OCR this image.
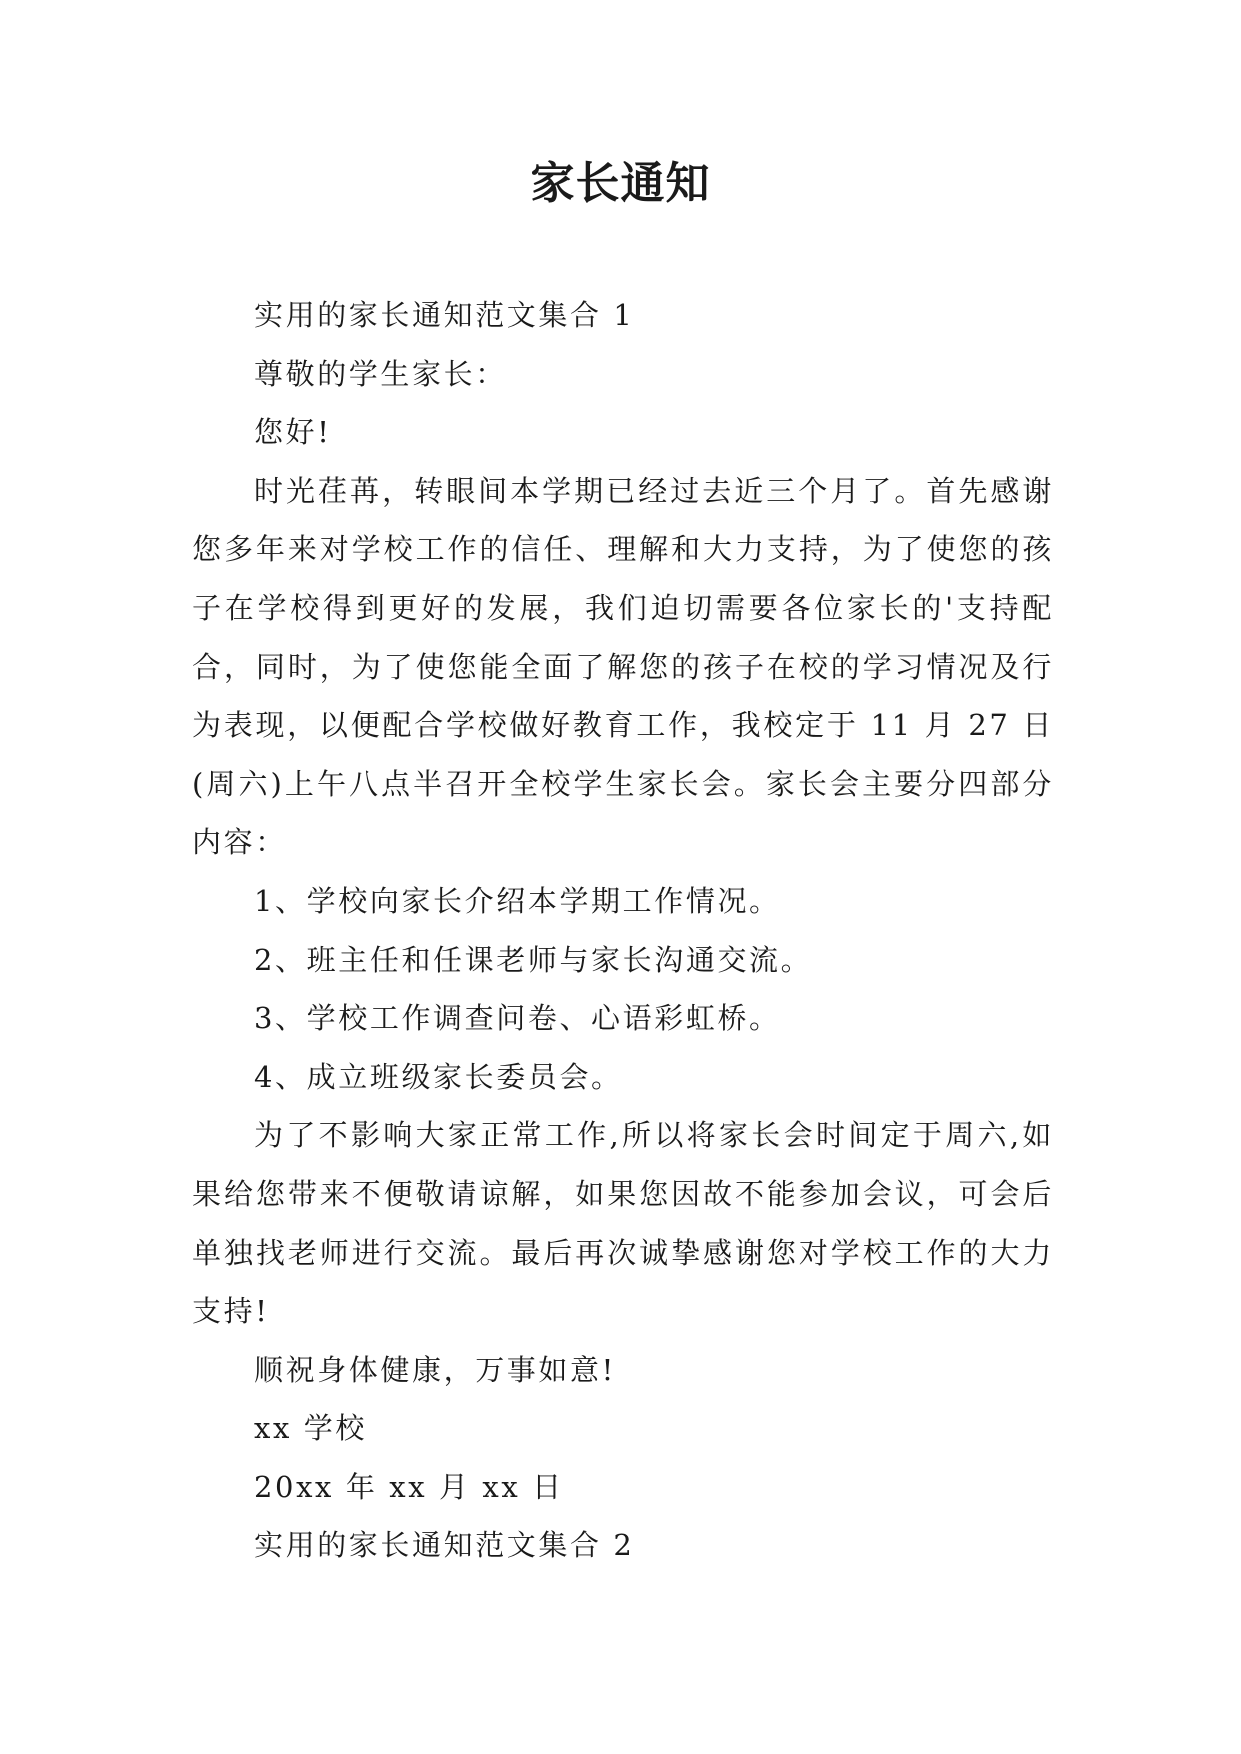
家长通知

实用的家长通知范文集合 1

尊敬的学生家长：

您好!

时光荏苒，转眼间本学期已经过去近三个月了。首先感谢您多年来对学校工作的信任、理解和大力支持，为了使您的孩子在学校得到更好的发展，我们迫切需要各位家长的'支持配合，同时，为了使您能全面了解您的孩子在校的学习情况及行为表现，以便配合学校做好教育工作，我校定于 11 月 27 日(周六)上午八点半召开全校学生家长会。家长会主要分四部分内容：

1、学校向家长介绍本学期工作情况。

2、班主任和任课老师与家长沟通交流。

3、学校工作调查问卷、心语彩虹桥。

4、成立班级家长委员会。

为了不影响大家正常工作,所以将家长会时间定于周六,如果给您带来不便敬请谅解，如果您因故不能参加会议，可会后单独找老师进行交流。最后再次诚挚感谢您对学校工作的大力支持!

顺祝身体健康，万事如意!

xx 学校

20xx 年 xx 月 xx 日

实用的家长通知范文集合 2
